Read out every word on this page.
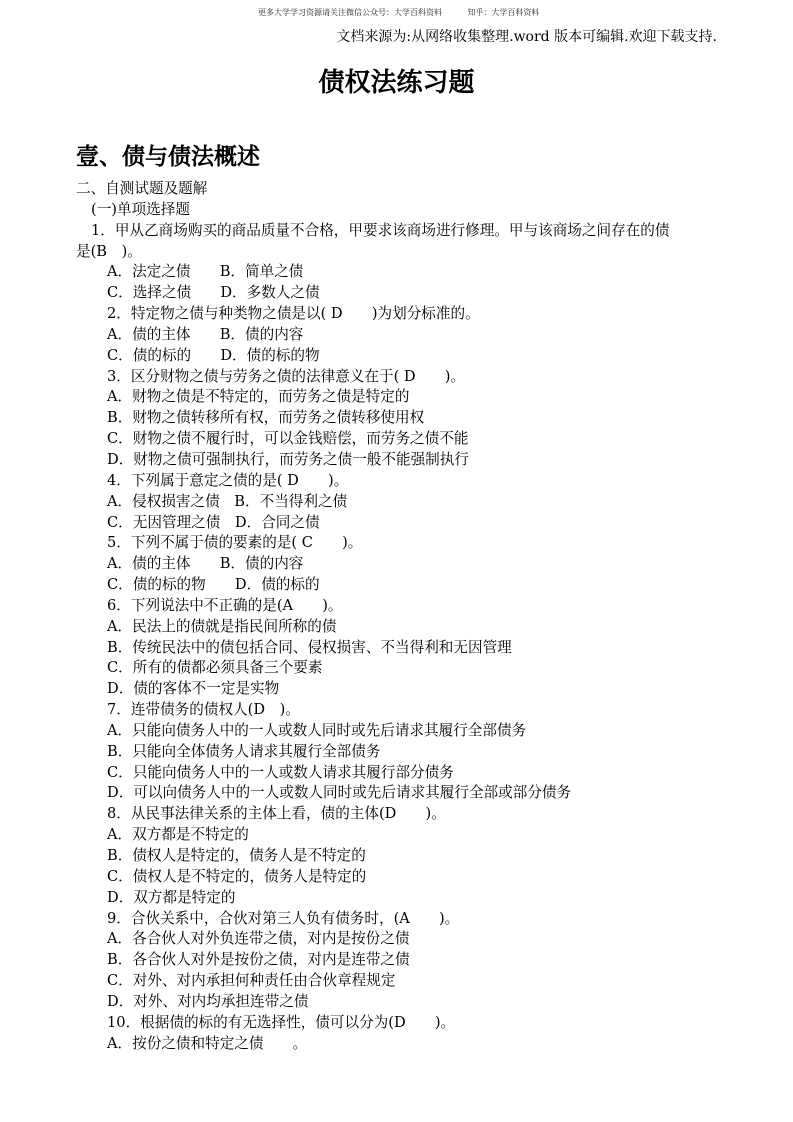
更多大学学习资源请关注微信公众号：大学百科资料	知乎：大学百科资料
文档来源为:从网络收集整理.word 版本可编辑.欢迎下载支持.
债权法练习题
壹、债与债法概述
二、自测试题及题解
(一)单项选择题
1．甲从乙商场购买的商品质量不合格，甲要求该商场进行修理。甲与该商场之间存在的债
是(B　)。
A．法定之债　　B．简单之债
C．选择之债　　D．多数人之债
2．特定物之债与种类物之债是以( D　　)为划分标准的。
A．债的主体　　B．债的内容
C．债的标的　　D．债的标的物
3．区分财物之债与劳务之债的法律意义在于( D　　)。
A．财物之债是不特定的，而劳务之债是特定的
B．财物之债转移所有权，而劳务之债转移使用权
C．财物之债不履行时，可以金钱赔偿，而劳务之债不能
D．财物之债可强制执行，而劳务之债一般不能强制执行
4．下列属于意定之债的是( D　　)。
A．侵权损害之债　B．不当得利之债
C．无因管理之债　D．合同之债
5．下列不属于债的要素的是( C　　)。
A．债的主体　　B．债的内容
C．债的标的物　　D．债的标的
6．下列说法中不正确的是(A　　)。
A．民法上的债就是指民间所称的债
B．传统民法中的债包括合同、侵权损害、不当得利和无因管理
C．所有的债都必须具备三个要素
D．债的客体不一定是实物
7．连带债务的债权人(D　)。
A．只能向债务人中的一人或数人同时或先后请求其履行全部债务
B．只能向全体债务人请求其履行全部债务
C．只能向债务人中的一人或数人请求其履行部分债务
D．可以向债务人中的一人或数人同时或先后请求其履行全部或部分债务
8．从民事法律关系的主体上看，债的主体(D　　)。
A．双方都是不特定的
B．债权人是特定的，债务人是不特定的
C．债权人是不特定的，债务人是特定的
D．双方都是特定的
9．合伙关系中，合伙对第三人负有债务时，(A　　)。
A．各合伙人对外负连带之债，对内是按份之债
B．各合伙人对外是按份之债，对内是连带之债
C．对外、对内承担何种责任由合伙章程规定
D．对外、对内均承担连带之债
10．根据债的标的有无选择性，债可以分为(D　　)。
A．按份之债和特定之债　　。
